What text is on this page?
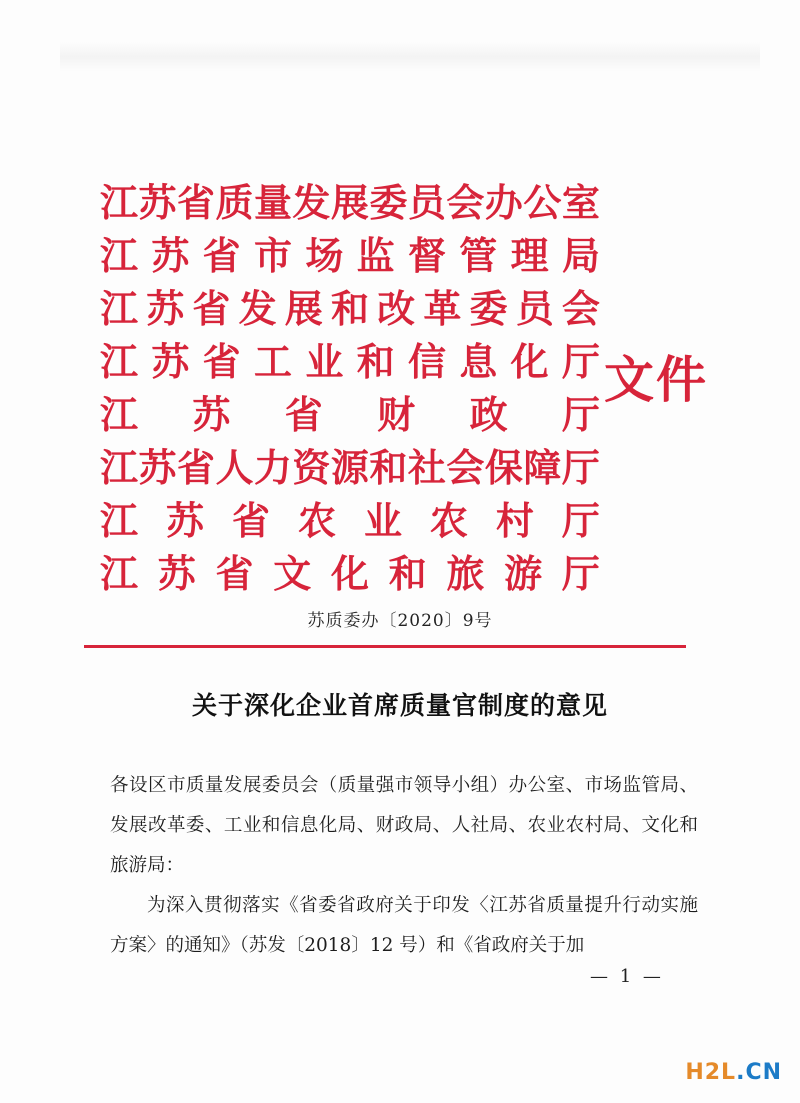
江 苏 省 质 量 发 展 委 员 会 办 公 室
江 苏 省 市 场 监 督 管 理 局
江 苏 省 发 展 和 改 革 委 员 会
江 苏 省 工 业 和 信 息 化 厅
江 苏 省 财 政 厅
江 苏 省 人 力 资 源 和 社 会 保 障 厅
江 苏 省 农 业 农 村 厅
江 苏 省 文 化 和 旅 游 厅
文件
苏质委办〔2020〕9号
关于深化企业首席质量官制度的意见

各设区市质量发展委员会（质量强市领导小组）办公室、市场监管局、发展改革委、工业和信息化局、财政局、人社局、农业农村局、文化和旅游局：

为深入贯彻落实《省委省政府关于印发〈江苏省质量提升行动实施方案〉的通知》（苏发〔2018〕12 号）和《省政府关于加

— 1 —
H2L.CN
